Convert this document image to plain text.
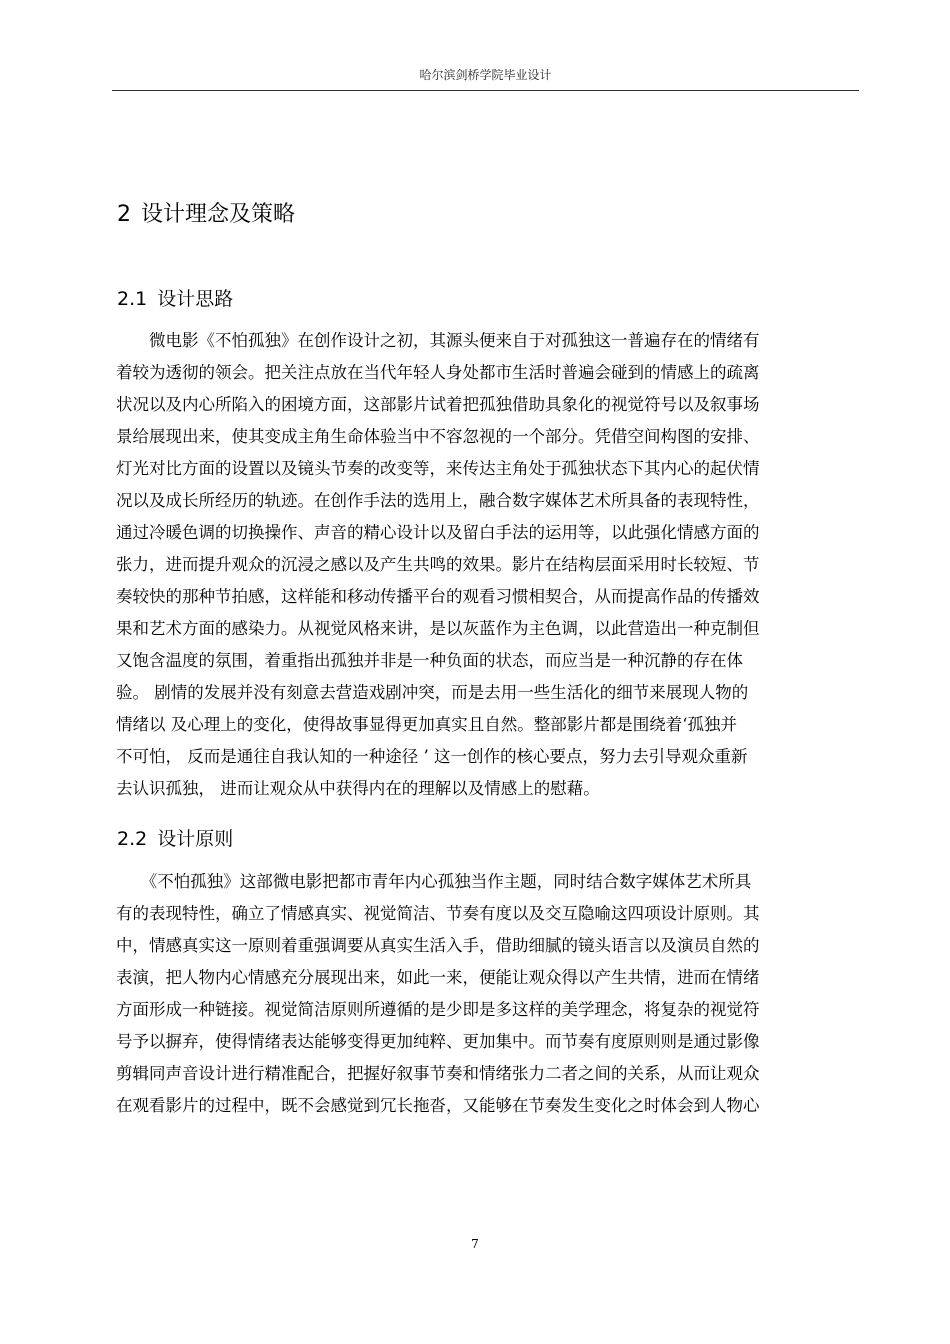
哈尔滨剑桥学院毕业设计
2 设计理念及策略
2.1 设计思路
　　微电影《不怕孤独》在创作设计之初，其源头便来自于对孤独这一普遍存在的情绪有
着较为透彻的领会。把关注点放在当代年轻人身处都市生活时普遍会碰到的情感上的疏离
状况以及内心所陷入的困境方面，这部影片试着把孤独借助具象化的视觉符号以及叙事场
景给展现出来，使其变成主角生命体验当中不容忽视的一个部分。凭借空间构图的安排、
灯光对比方面的设置以及镜头节奏的改变等，来传达主角处于孤独状态下其内心的起伏情
况以及成长所经历的轨迹。在创作手法的选用上，融合数字媒体艺术所具备的表现特性，
通过冷暖色调的切换操作、声音的精心设计以及留白手法的运用等，以此强化情感方面的
张力，进而提升观众的沉浸之感以及产生共鸣的效果。影片在结构层面采用时长较短、节
奏较快的那种节拍感，这样能和移动传播平台的观看习惯相契合，从而提高作品的传播效
果和艺术方面的感染力。从视觉风格来讲，是以灰蓝作为主色调，以此营造出一种克制但
又饱含温度的氛围，着重指出孤独并非是一种负面的状态，而应当是一种沉静的存在体
验。 剧情的发展并没有刻意去营造戏剧冲突，而是去用一些生活化的细节来展现人物的
情绪以 及心理上的变化，使得故事显得更加真实且自然。整部影片都是围绕着‘孤独并
不可怕， 反而是通往自我认知的一种途径 ’ 这一创作的核心要点，努力去引导观众重新
去认识孤独， 进而让观众从中获得内在的理解以及情感上的慰藉。
2.2 设计原则
　　《不怕孤独》这部微电影把都市青年内心孤独当作主题，同时结合数字媒体艺术所具
有的表现特性，确立了情感真实、视觉简洁、节奏有度以及交互隐喻这四项设计原则。其
中，情感真实这一原则着重强调要从真实生活入手，借助细腻的镜头语言以及演员自然的
表演，把人物内心情感充分展现出来，如此一来，便能让观众得以产生共情，进而在情绪
方面形成一种链接。视觉简洁原则所遵循的是少即是多这样的美学理念，将复杂的视觉符
号予以摒弃，使得情绪表达能够变得更加纯粹、更加集中。而节奏有度原则则是通过影像
剪辑同声音设计进行精准配合，把握好叙事节奏和情绪张力二者之间的关系，从而让观众
在观看影片的过程中，既不会感觉到冗长拖沓，又能够在节奏发生变化之时体会到人物心
7
